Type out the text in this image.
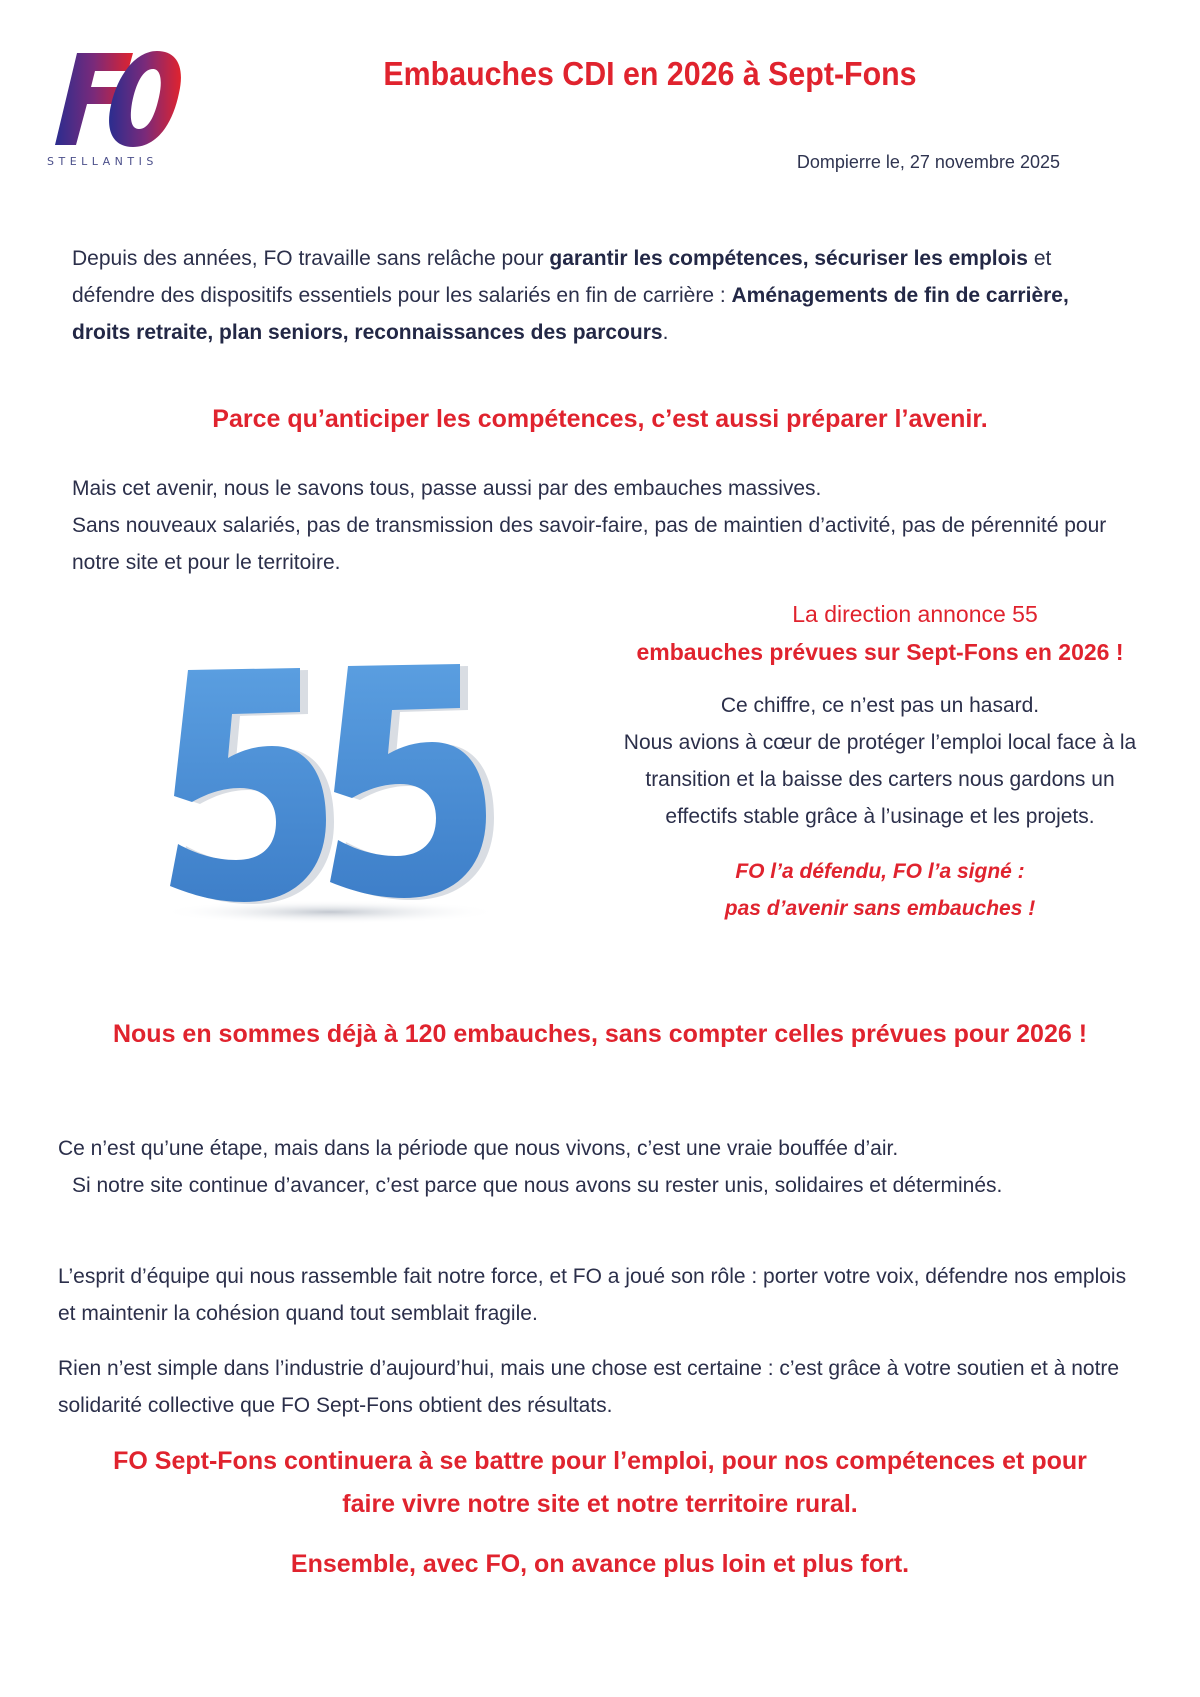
STELLANTIS
Embauches CDI en 2026 à Sept-Fons
Dompierre le, 27 novembre 2025
Depuis des années, FO travaille sans relâche pour garantir les compétences, sécuriser les emplois et défendre des dispositifs essentiels pour les salariés en fin de carrière : Aménagements de fin de carrière, droits retraite, plan seniors, reconnaissances des parcours.
Parce qu’anticiper les compétences, c’est aussi préparer l’avenir.
Mais cet avenir, nous le savons tous, passe aussi par des embauches massives.
Sans nouveaux salariés, pas de transmission des savoir-faire, pas de maintien d’activité, pas de pérennité pour notre site et pour le territoire.
La direction annonce 55
embauches prévues sur Sept-Fons en 2026 !
Ce chiffre, ce n’est pas un hasard.
Nous avions à cœur de protéger l’emploi local face à la transition et la baisse des carters nous gardons un effectifs stable grâce à l’usinage et les projets.
FO l’a défendu, FO l’a signé :
pas d’avenir sans embauches !
Nous en sommes déjà à 120 embauches, sans compter celles prévues pour 2026 !
Ce n’est qu’une étape, mais dans la période que nous vivons, c’est une vraie bouffée d’air.
Si notre site continue d’avancer, c’est parce que nous avons su rester unis, solidaires et déterminés.
L’esprit d’équipe qui nous rassemble fait notre force, et FO a joué son rôle : porter votre voix, défendre nos emplois et maintenir la cohésion quand tout semblait fragile.
Rien n’est simple dans l’industrie d’aujourd’hui, mais une chose est certaine : c’est grâce à votre soutien et à notre solidarité collective que FO Sept-Fons obtient des résultats.
FO Sept-Fons continuera à se battre pour l’emploi, pour nos compétences et pour
faire vivre notre site et notre territoire rural.
Ensemble, avec FO, on avance plus loin et plus fort.
